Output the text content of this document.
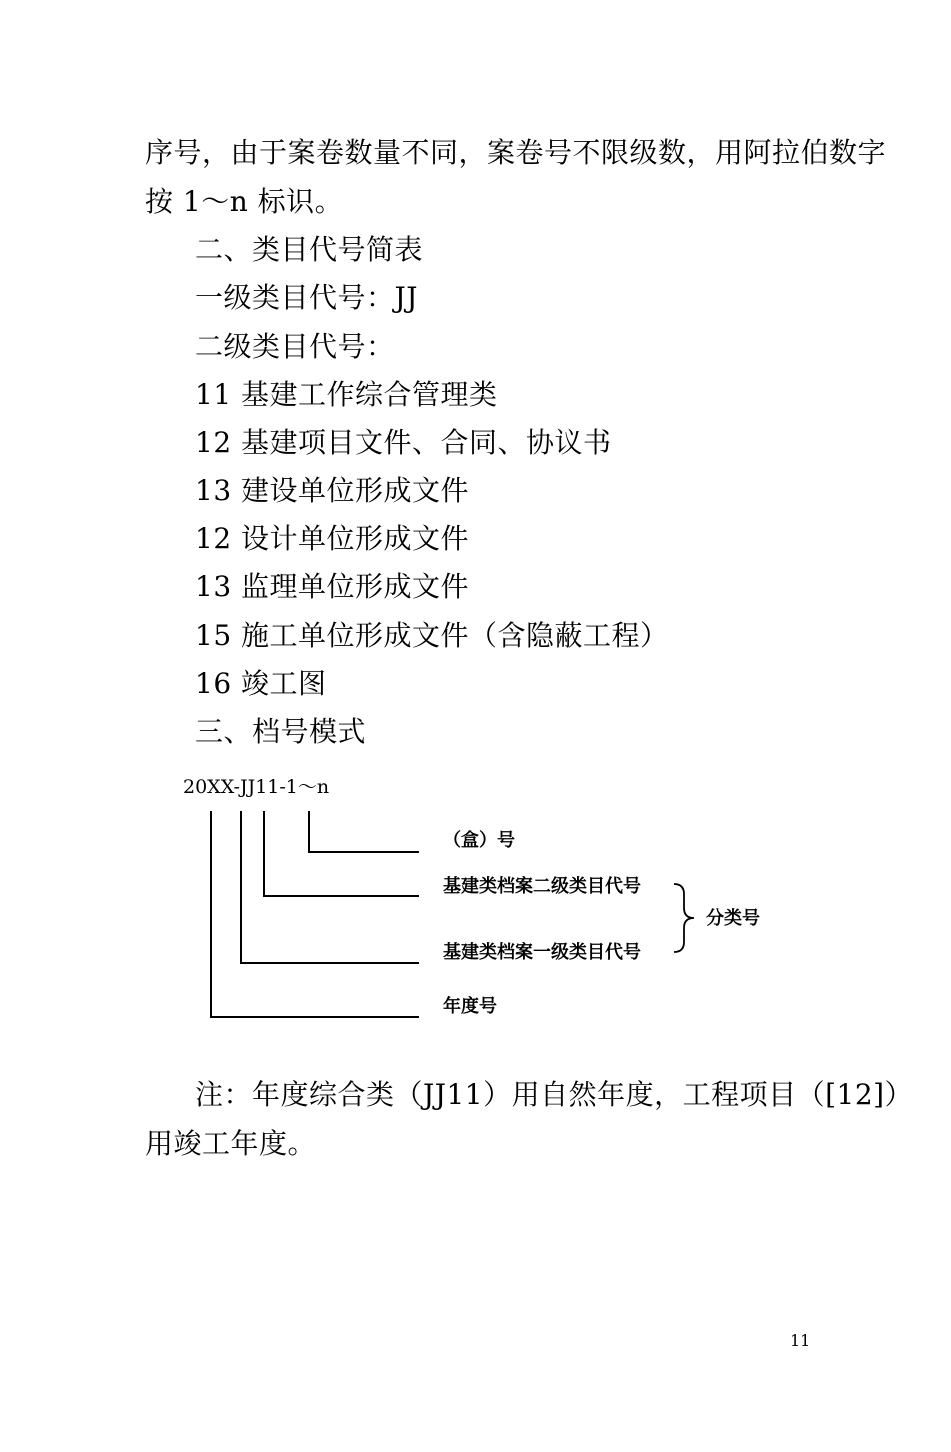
序号，由于案卷数量不同，案卷号不限级数，用阿拉伯数字
按 1～n 标识。
二、类目代号简表
一级类目代号：JJ
二级类目代号：
11 基建工作综合管理类
12 基建项目文件、合同、协议书
13 建设单位形成文件
12 设计单位形成文件
13 监理单位形成文件
15 施工单位形成文件（含隐蔽工程）
16 竣工图
三、档号模式
20XX-JJ11-1～n
（盒）号
基建类档案二级类目代号
基建类档案一级类目代号
分类号
年度号
注：年度综合类（JJ11）用自然年度，工程项目（[12]）
用竣工年度。
11
